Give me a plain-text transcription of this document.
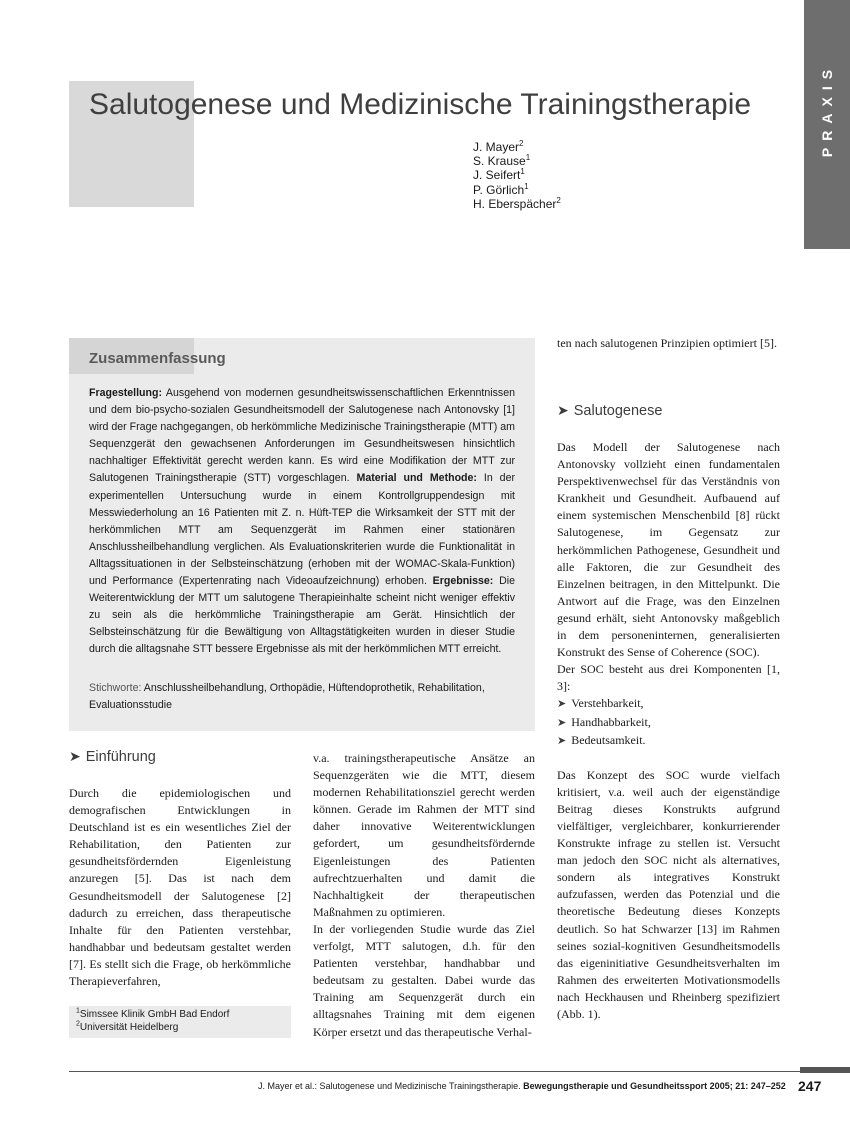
PRAXIS
Salutogenese und Medizinische Trainingstherapie
J. Mayer$^2$
S. Krause$^1$
J. Seifert$^1$
P. Görlich$^1$
H. Eberspächer$^2$
Zusammenfassung

Fragestellung: Ausgehend von modernen gesundheitswissenschaftlichen Erkenntnissen und dem bio-psycho-sozialen Gesundheitsmodell der Salutogenese nach Antonovsky [1] wird der Frage nachgegangen, ob herkömmliche Medizinische Trainingstherapie (MTT) am Sequenzgerät den gewachsenen Anforderungen im Gesundheitswesen hinsichtlich nachhaltiger Effektivität gerecht werden kann. Es wird eine Modifikation der MTT zur Salutogenen Trainingstherapie (STT) vorgeschlagen. Material und Methode: In der experimentellen Untersuchung wurde in einem Kontrollgruppendesign mit Messwiederholung an 16 Patienten mit Z. n. Hüft-TEP die Wirksamkeit der STT mit der herkömmlichen MTT am Sequenzgerät im Rahmen einer stationären Anschlussheilbehandlung verglichen. Als Evaluationskriterien wurde die Funktionalität in Alltagssituationen in der Selbsteinschätzung (erhoben mit der WOMAC-Skala-Funktion) und Performance (Expertenrating nach Videoaufzeichnung) erhoben. Ergebnisse: Die Weiterentwicklung der MTT um salutogene Therapieinhalte scheint nicht weniger effektiv zu sein als die herkömmliche Trainingstherapie am Gerät. Hinsichtlich der Selbsteinschätzung für die Bewältigung von Alltagstätigkeiten wurden in dieser Studie durch die alltagsnahe STT bessere Ergebnisse als mit der herkömmlichen MTT erreicht.

Stichworte: Anschlussheilbehandlung, Orthopädie, Hüftendoprothetik, Rehabilitation, Evaluationsstudie

➤ Einführung

Durch die epidemiologischen und demografischen Entwicklungen in Deutschland ist es ein wesentliches Ziel der Rehabilitation, den Patienten zur gesundheitsfördernden Eigenleistung anzuregen [5]. Das ist nach dem Gesundheitsmodell der Salutogenese [2] dadurch zu erreichen, dass therapeutische Inhalte für den Patienten verstehbar, handhabbar und bedeutsam gestaltet werden [7]. Es stellt sich die Frage, ob herkömmliche Therapieverfahren,

v.a. trainingstherapeutische Ansätze an Sequenzgeräten wie die MTT, diesem modernen Rehabilitationsziel gerecht werden können. Gerade im Rahmen der MTT sind daher innovative Weiterentwicklungen gefordert, um gesundheitsfördernde Eigenleistungen des Patienten aufrechtzuerhalten und damit die Nachhaltigkeit der therapeutischen Maßnahmen zu optimieren.

In der vorliegenden Studie wurde das Ziel verfolgt, MTT salutogen, d.h. für den Patienten verstehbar, handhabbar und bedeutsam zu gestalten. Dabei wurde das Training am Sequenzgerät durch ein alltagsnahes Training mit dem eigenen Körper ersetzt und das therapeutische Verhal-

ten nach salutogenen Prinzipien optimiert [5].

➤ Salutogenese

Das Modell der Salutogenese nach Antonovsky vollzieht einen fundamentalen Perspektivenwechsel für das Verständnis von Krankheit und Gesundheit. Aufbauend auf einem systemischen Menschenbild [8] rückt Salutogenese, im Gegensatz zur herkömmlichen Pathogenese, Gesundheit und alle Faktoren, die zur Gesundheit des Einzelnen beitragen, in den Mittelpunkt. Die Antwort auf die Frage, was den Einzelnen gesund erhält, sieht Antonovsky maßgeblich in dem personeninternen, generalisierten Konstrukt des Sense of Coherence (SOC).

Der SOC besteht aus drei Komponenten [1, 3]:

➤ Verstehbarkeit,
➤ Handhabbarkeit,
➤ Bedeutsamkeit.

Das Konzept des SOC wurde vielfach kritisiert, v.a. weil auch der eigenständige Beitrag dieses Konstrukts aufgrund vielfältiger, vergleichbarer, konkurrierender Konstrukte infrage zu stellen ist. Versucht man jedoch den SOC nicht als alternatives, sondern als integratives Konstrukt aufzufassen, werden das Potenzial und die theoretische Bedeutung dieses Konzepts deutlich. So hat Schwarzer [13] im Rahmen seines sozial-kognitiven Gesundheitsmodells das eigeninitiative Gesundheitsverhalten im Rahmen des erweiterten Motivationsmodells nach Heckhausen und Rheinberg spezifiziert (Abb. 1).

$^1$Simssee Klinik GmbH Bad Endorf
$^2$Universität Heidelberg

J. Mayer et al.: Salutogenese und Medizinische Trainingstherapie. Bewegungstherapie und Gesundheitssport 2005; 21: 247–252 247
